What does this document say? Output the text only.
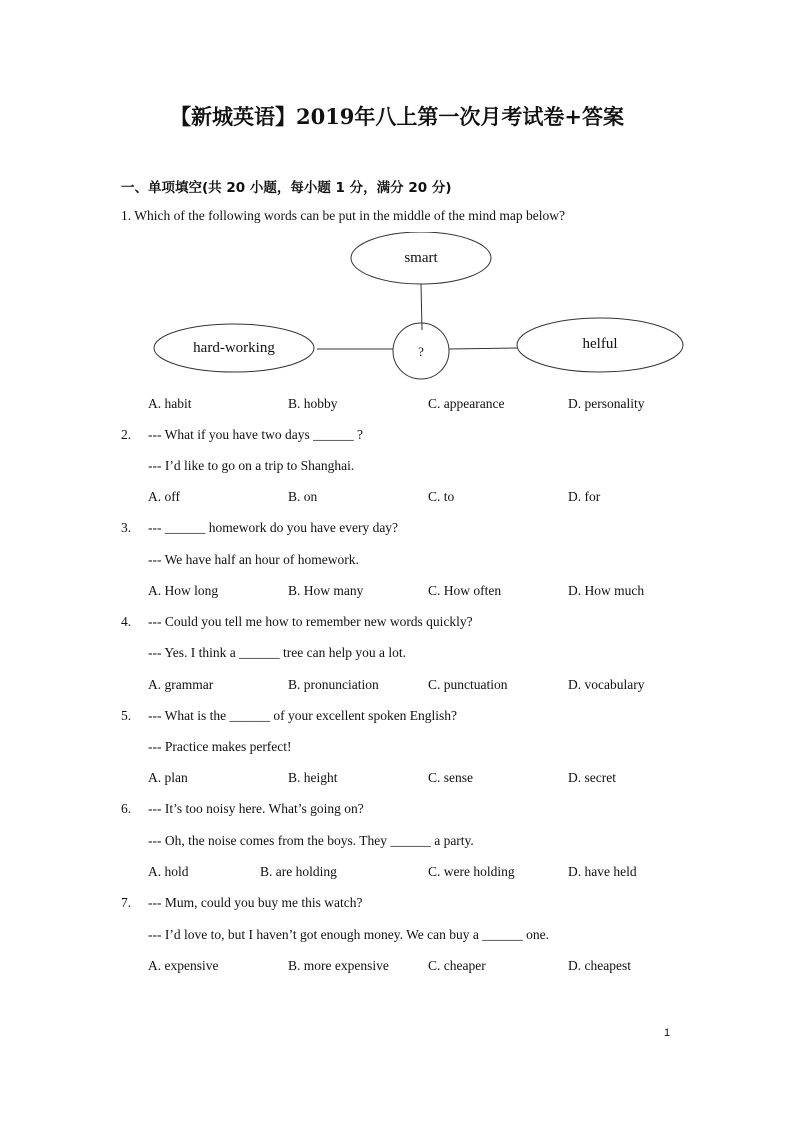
【新城英语】2019年八上第一次月考试卷+答案

一、单项填空(共 20 小题，每小题 1 分，满分 20 分)

1. Which of the following words can be put in the middle of the mind map below?
smart
hard-working	?	helful
A. habit	B. hobby	C. appearance	D. personality
2. --- What if you have two days ______ ?
--- I’d like to go on a trip to Shanghai.
A. off	B. on	C. to	D. for
3. --- ______ homework do you have every day?
--- We have half an hour of homework.
A. How long	B. How many	C. How often	D. How much
4. --- Could you tell me how to remember new words quickly?
--- Yes. I think a ______ tree can help you a lot.
A. grammar	B. pronunciation	C. punctuation	D. vocabulary
5. --- What is the ______ of your excellent spoken English?
--- Practice makes perfect!
A. plan	B. height	C. sense	D. secret
6. --- It’s too noisy here. What’s going on?
--- Oh, the noise comes from the boys. They ______ a party.
A. hold	B. are holding	C. were holding	D. have held
7. --- Mum, could you buy me this watch?
--- I’d love to, but I haven’t got enough money. We can buy a ______ one.
A. expensive	B. more expensive	C. cheaper	D. cheapest
1
